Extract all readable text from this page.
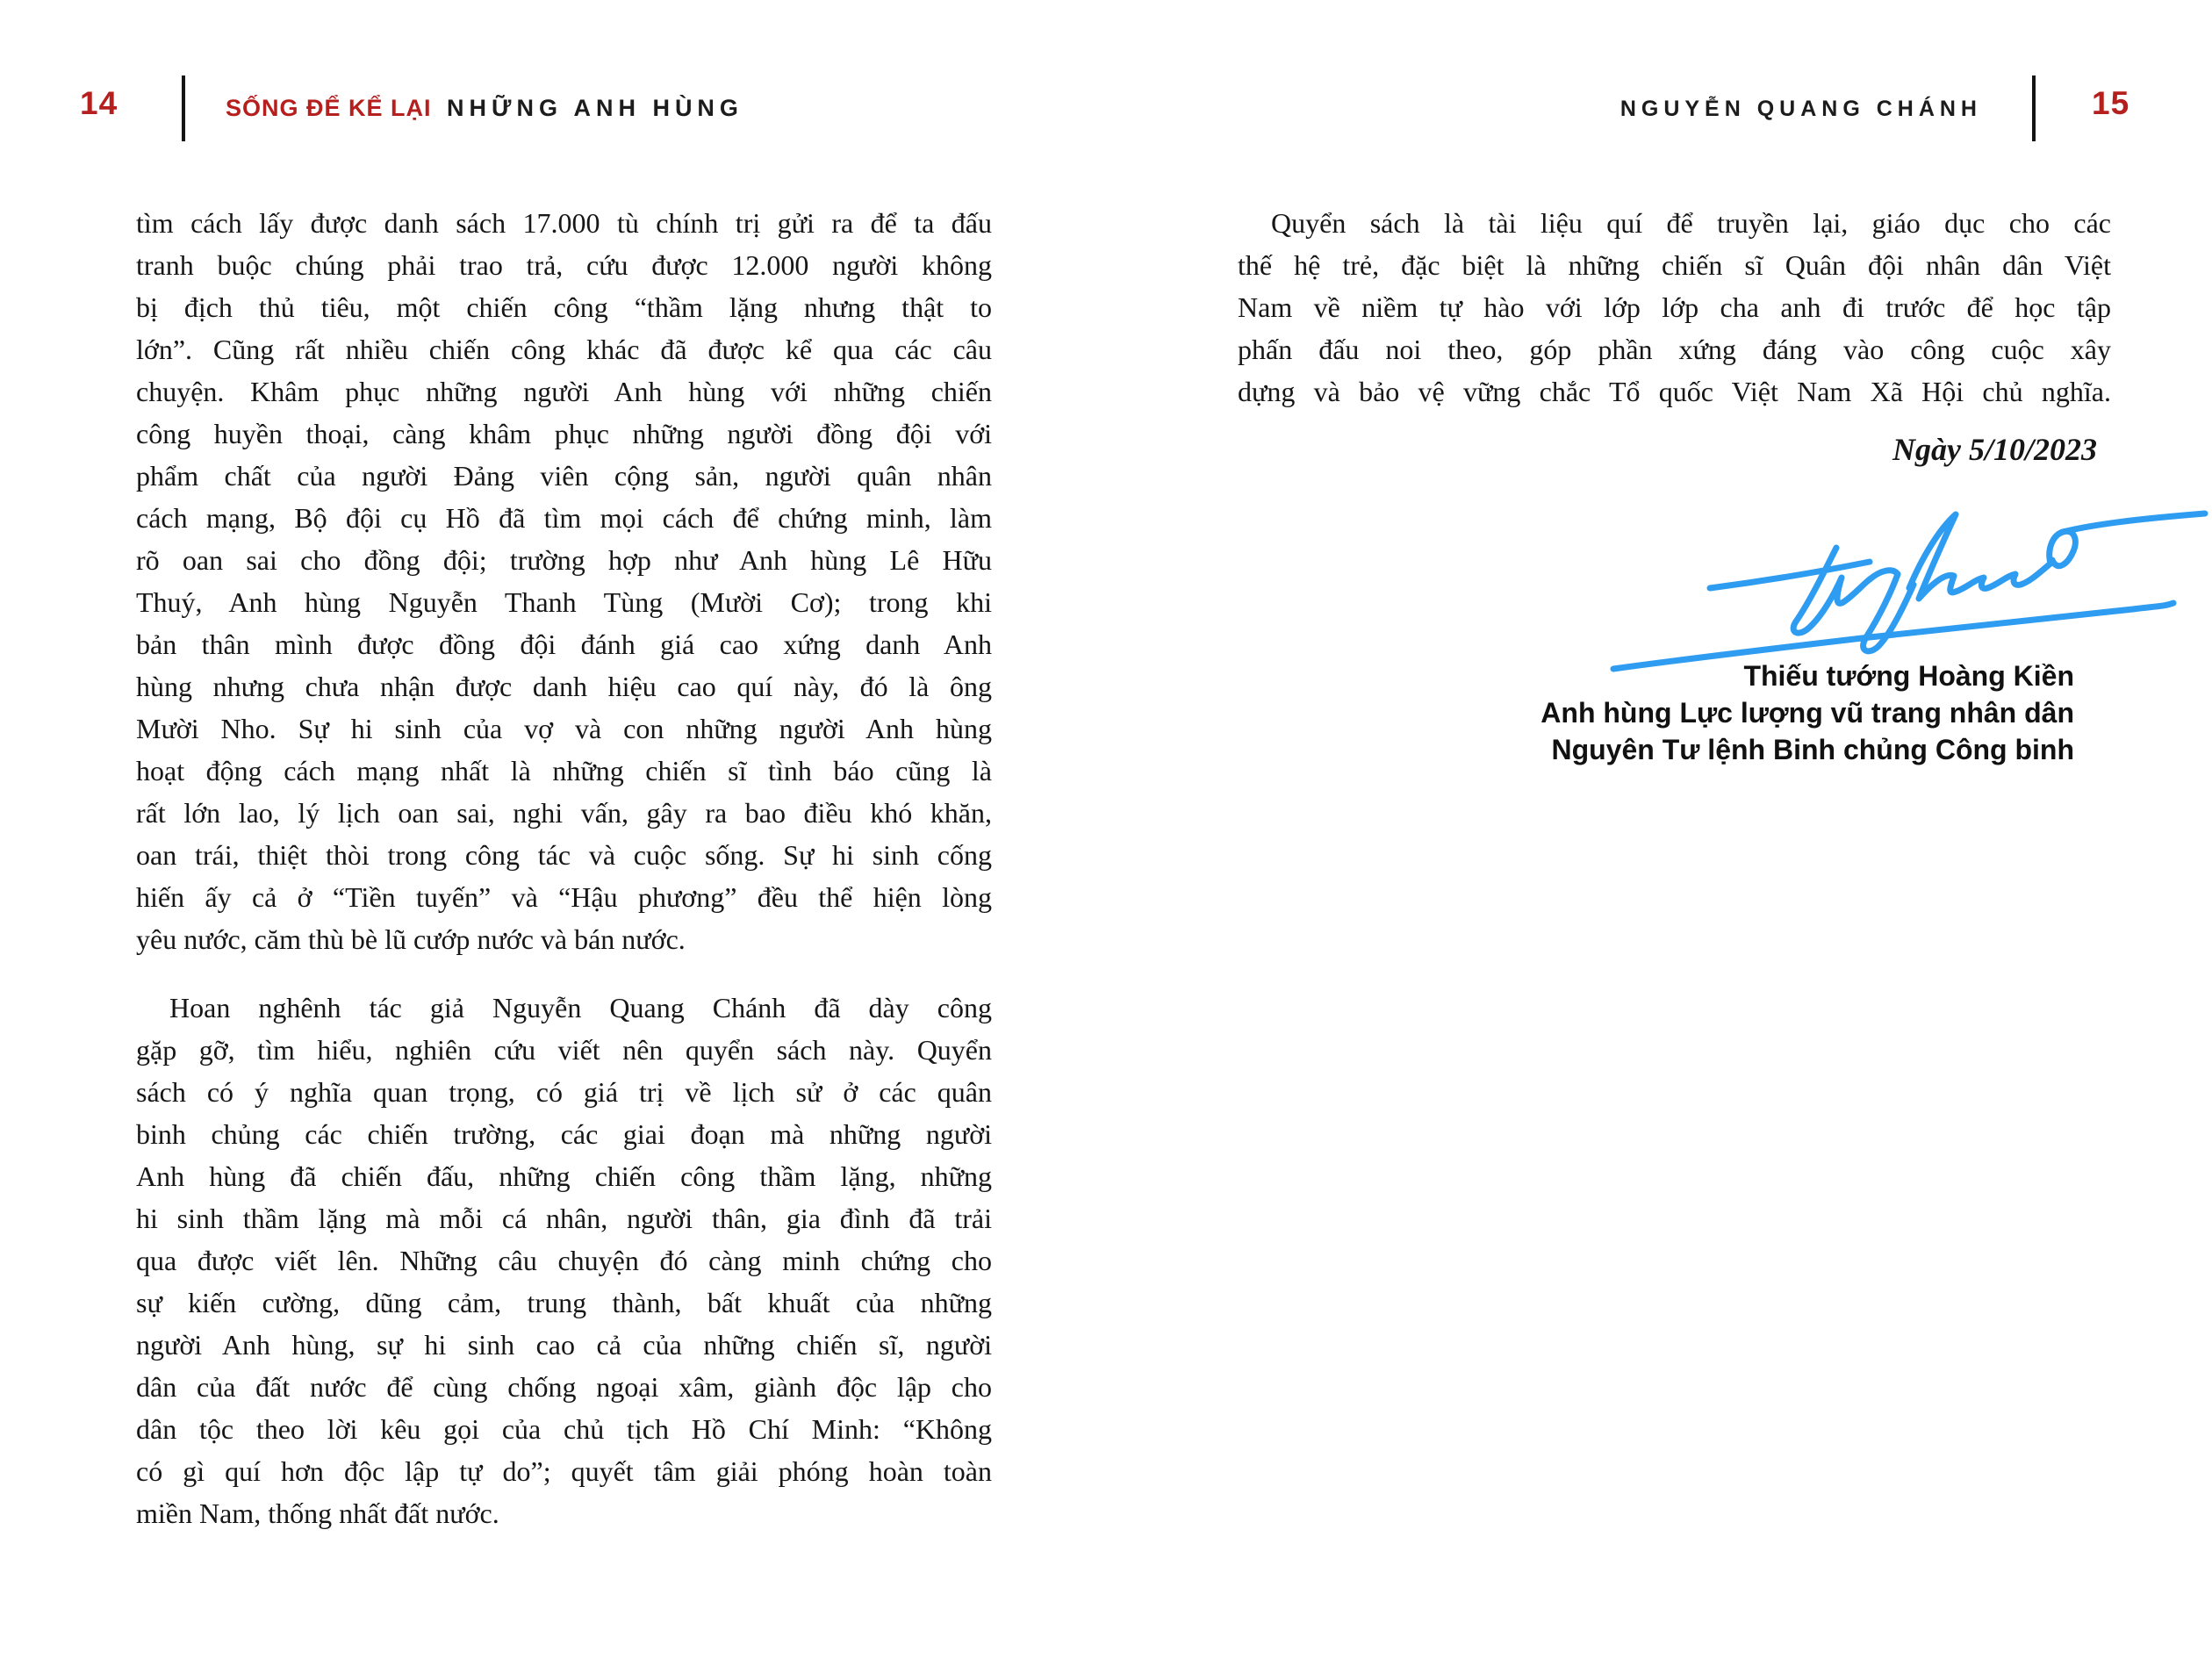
14	SỐNG ĐỂ KỂ LẠI NHỮNG ANH HÙNG	NGUYỄN QUANG CHÁNH	15
tìm cách lấy được danh sách 17.000 tù chính trị gửi ra để ta đấu
tranh buộc chúng phải trao trả, cứu được 12.000 người không
bị địch thủ tiêu, một chiến công “thầm lặng nhưng thật to
lớn”. Cũng rất nhiều chiến công khác đã được kể qua các câu
chuyện. Khâm phục những người Anh hùng với những chiến
công huyền thoại, càng khâm phục những người đồng đội với
phẩm chất của người Đảng viên cộng sản, người quân nhân
cách mạng, Bộ đội cụ Hồ đã tìm mọi cách để chứng minh, làm
rõ oan sai cho đồng đội; trường hợp như Anh hùng Lê Hữu
Thuý, Anh hùng Nguyễn Thanh Tùng (Mười Cơ); trong khi
bản thân mình được đồng đội đánh giá cao xứng danh Anh
hùng nhưng chưa nhận được danh hiệu cao quí này, đó là ông
Mười Nho. Sự hi sinh của vợ và con những người Anh hùng
hoạt động cách mạng nhất là những chiến sĩ tình báo cũng là
rất lớn lao, lý lịch oan sai, nghi vấn, gây ra bao điều khó khăn,
oan trái, thiệt thòi trong công tác và cuộc sống. Sự hi sinh cống
hiến ấy cả ở “Tiền tuyến” và “Hậu phương” đều thể hiện lòng
yêu nước, căm thù bè lũ cướp nước và bán nước.
Hoan nghênh tác giả Nguyễn Quang Chánh đã dày công
gặp gỡ, tìm hiểu, nghiên cứu viết nên quyển sách này. Quyển
sách có ý nghĩa quan trọng, có giá trị về lịch sử ở các quân
binh chủng các chiến trường, các giai đoạn mà những người
Anh hùng đã chiến đấu, những chiến công thầm lặng, những
hi sinh thầm lặng mà mỗi cá nhân, người thân, gia đình đã trải
qua được viết lên. Những câu chuyện đó càng minh chứng cho
sự kiến cường, dũng cảm, trung thành, bất khuất của những
người Anh hùng, sự hi sinh cao cả của những chiến sĩ, người
dân của đất nước để cùng chống ngoại xâm, giành độc lập cho
dân tộc theo lời kêu gọi của chủ tịch Hồ Chí Minh: “Không
có gì quí hơn độc lập tự do”; quyết tâm giải phóng hoàn toàn
miền Nam, thống nhất đất nước.
Quyển sách là tài liệu quí để truyền lại, giáo dục cho các
thế hệ trẻ, đặc biệt là những chiến sĩ Quân đội nhân dân Việt
Nam về niềm tự hào với lớp lớp cha anh đi trước để học tập
phấn đấu noi theo, góp phần xứng đáng vào công cuộc xây
dựng và bảo vệ vững chắc Tổ quốc Việt Nam Xã Hội chủ nghĩa.
Ngày 5/10/2023
Thiếu tướng Hoàng Kiền
Anh hùng Lực lượng vũ trang nhân dân
Nguyên Tư lệnh Binh chủng Công binh
